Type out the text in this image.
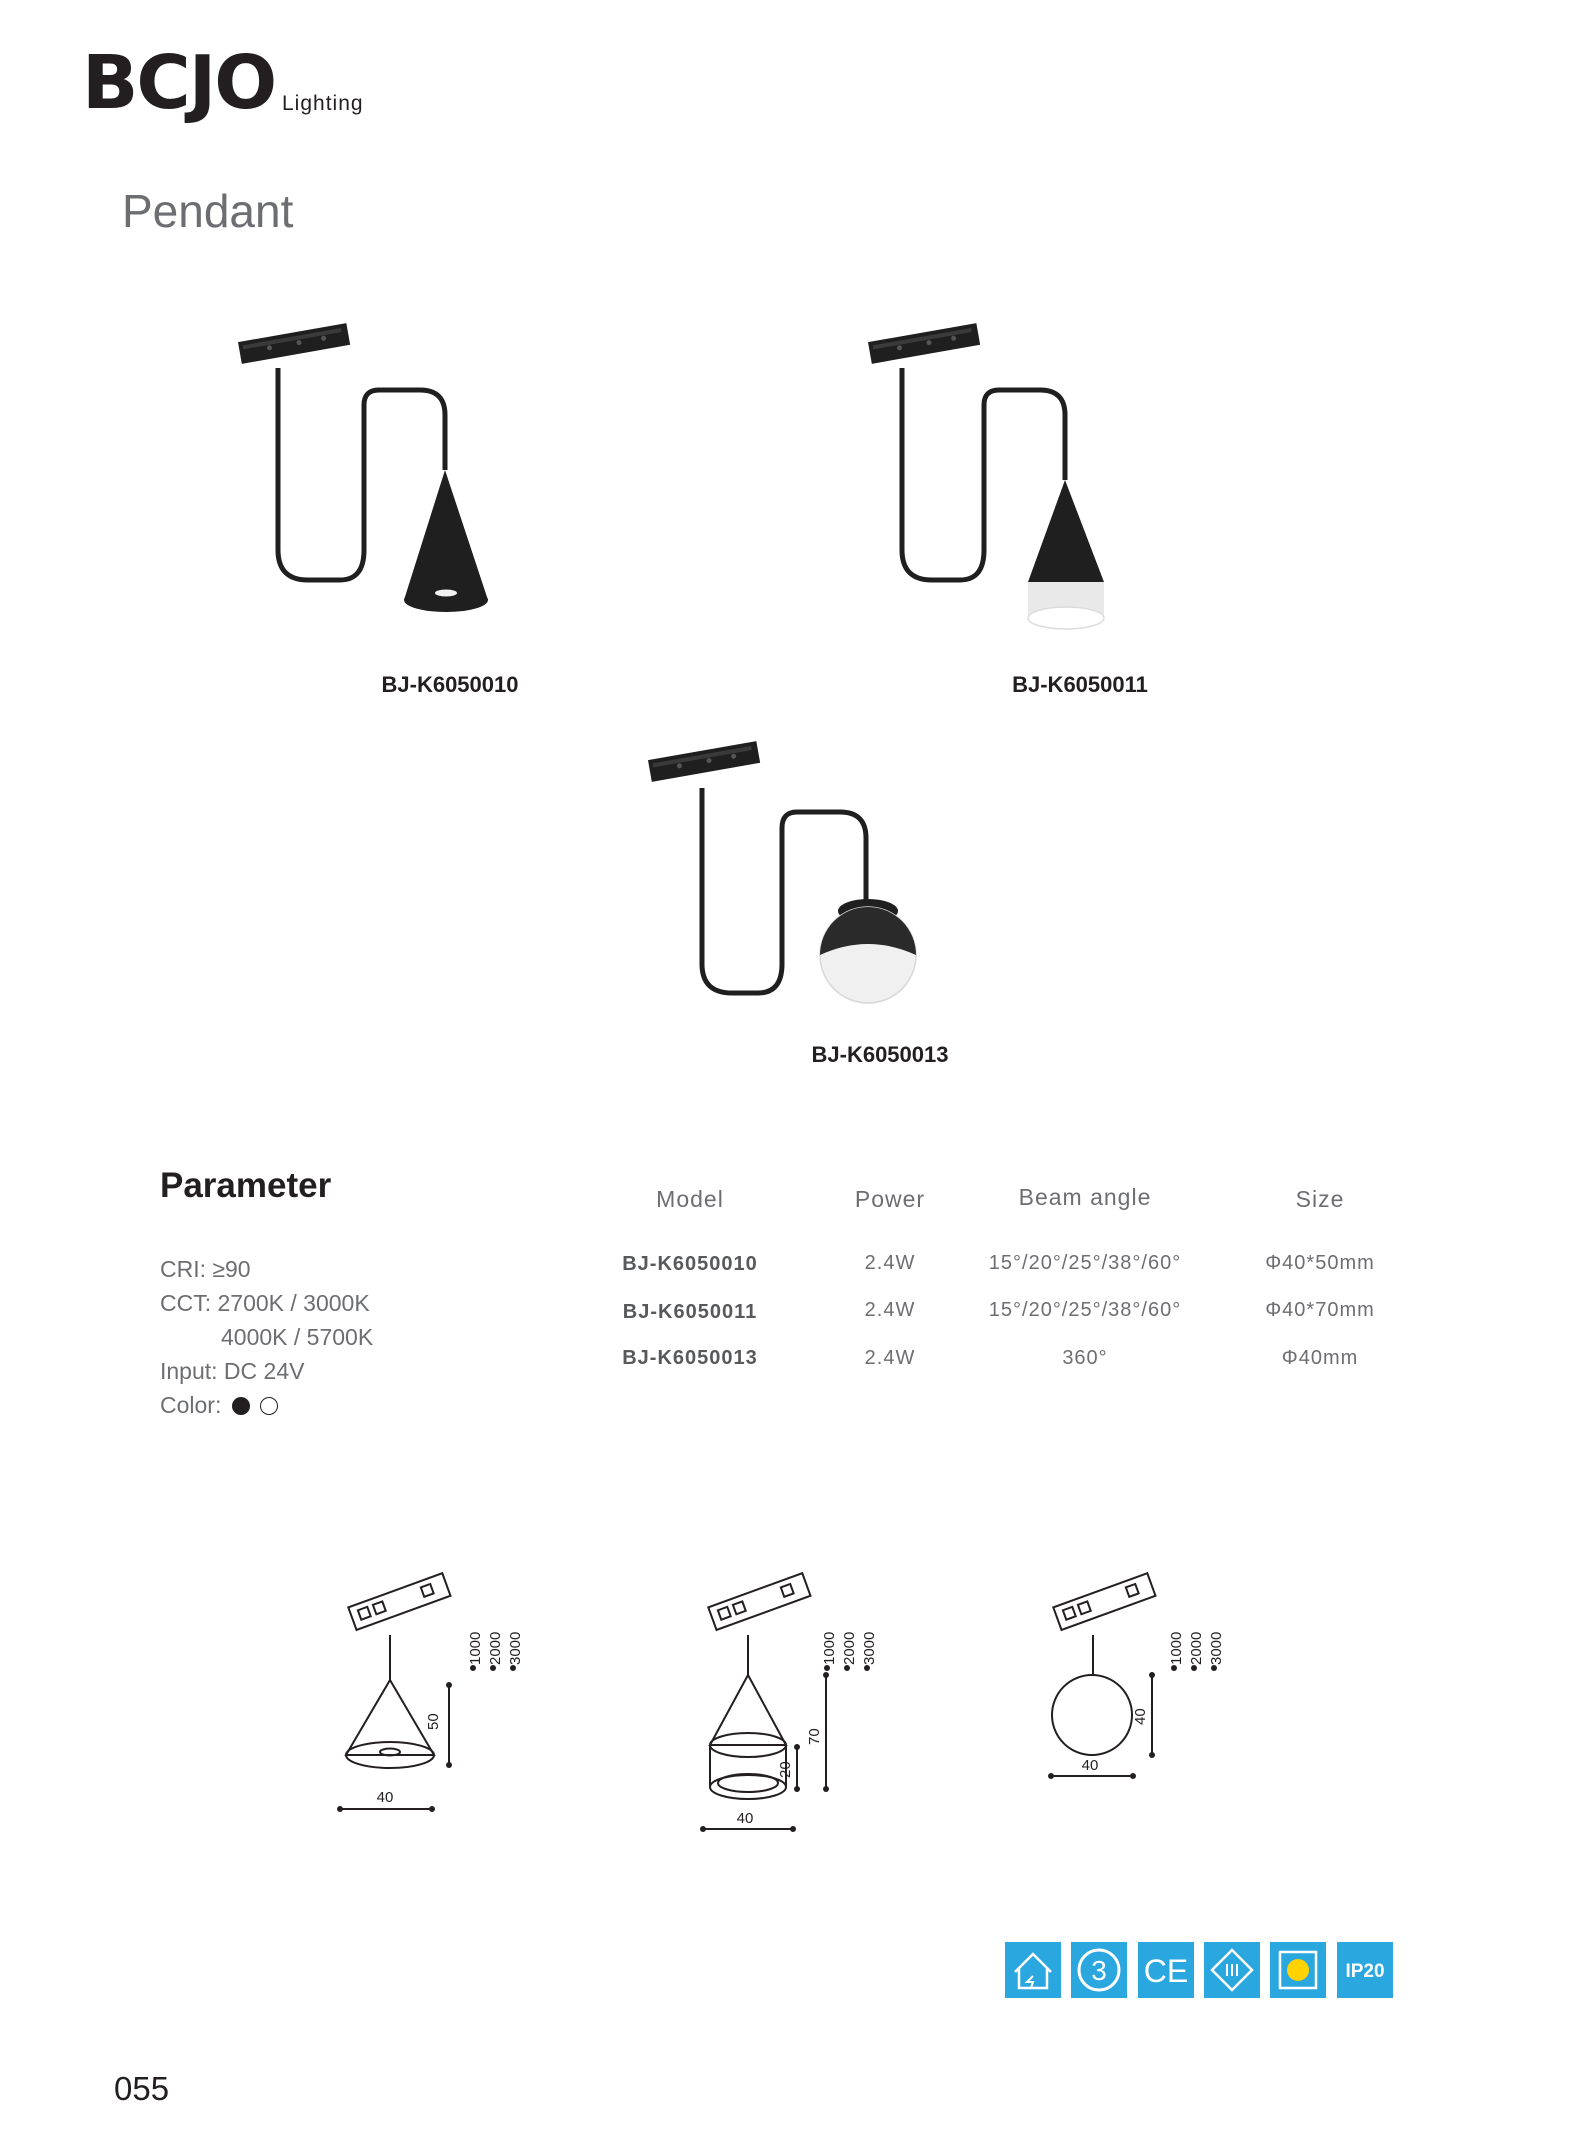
BCJO Lighting
Pendant
BJ-K6050010	BJ-K6050011
BJ-K6050013
Parameter
CRI: ≥90
CCT: 2700K / 3000K
4000K / 5700K
Input: DC 24V
Color:
Model	Power	Beam angle	Size
BJ-K6050010	2.4W	15°/20°/25°/38°/60°	Φ40*50mm
BJ-K6050011	2.4W	15°/20°/25°/38°/60°	Φ40*70mm
BJ-K6050013	2.4W	360°	Φ40mm
50
40
1000 2000 3000
20
70
40
1000 2000 3000
40
40
1000 2000 3000
3 CE	IP20
055
